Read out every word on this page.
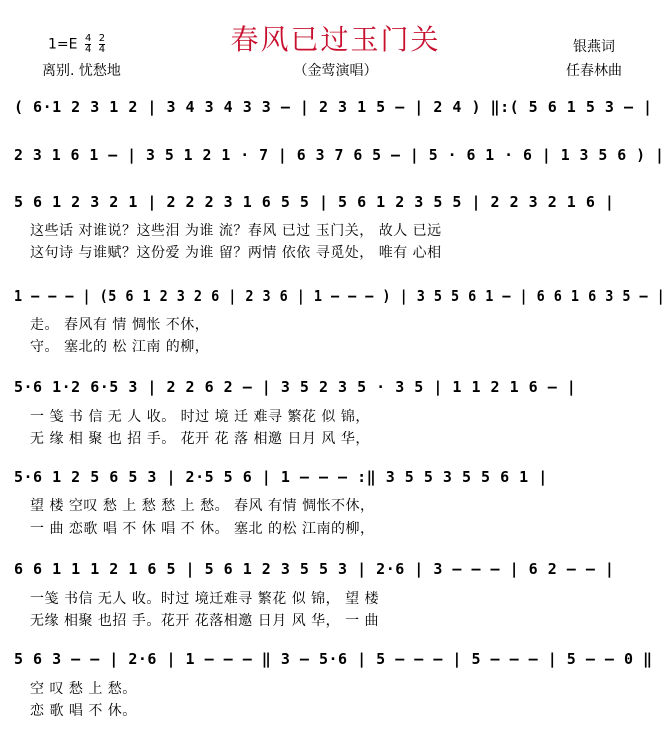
春风已过玉门关
（金莺演唱）
$1=E \frac{4}{4}$
$\frac{2}{4}$
离别. 忧愁地
银燕词
任春林曲
( 6·1 2 3 1 2 | 3 4 3 4 3 3 – | 2 3 1 5 – | 2 4 ) ‖:( 5 6 1 5 3 – |
2 3 1 6 1 – | 3 5 1 2 1 · 7 | 6 3 7 6 5 – | 5 · 6 1 · 6 | 1 3 5 6 ) |
5 6 1 2 3 2 1 | 2 2 2 3 1 6 5 5 | 5 6 1 2 3 5 5 | 2 2 3 2 1 6 |
这些话 对谁说？这些泪 为谁 流？春风 已过 玉门关， 故人 已远
这句诗 与谁赋？这份爱 为谁 留？两情 依依 寻觅处， 唯有 心相
1 – – – | (5 6 1 2 3 2 6 | 2 3 6 | 1 – – – ) | 3 5 5 6 1 – | 6 6 1 6 3 5 – |
走。 春风有 情 惆怅 不休，
守。 塞北的 松 江南 的柳，
5·6 1·2 6·5 3 | 2 2 6 2 – | 3 5 2 3 5 · 3 5 | 1 1 2 1 6 – |
一 笺 书 信 无 人 收。 时过 境 迁 难寻 繁花 似 锦，
无 缘 相 聚 也 招 手。 花开 花 落 相邀 日月 风 华，
5·6 1 2 5 6 5 3 | 2·5 5 6 | 1 – – – :‖ 3 5 5 3 5 5 6 1 |
望 楼 空叹 愁 上 愁 愁 上 愁。 春风 有情 惆怅不休，
一 曲 恋歌 唱 不 休 唱 不 休。 塞北 的松 江南的柳，
6 6 1 1 1 2 1 6 5 | 5 6 1 2 3 5 5 3 | 2·6 | 3 – – – | 6 2 – – |
一笺 书信 无人 收。时过 境迁难寻 繁花 似 锦， 望 楼
无缘 相聚 也招 手。花开 花落相邀 日月 风 华， 一 曲
5 6 3 – – | 2·6 | 1 – – – ‖ 3 – 5·6 | 5 – – – | 5 – – – | 5 – – 0 ‖
空 叹 愁 上 愁。
恋 歌 唱 不 休。
